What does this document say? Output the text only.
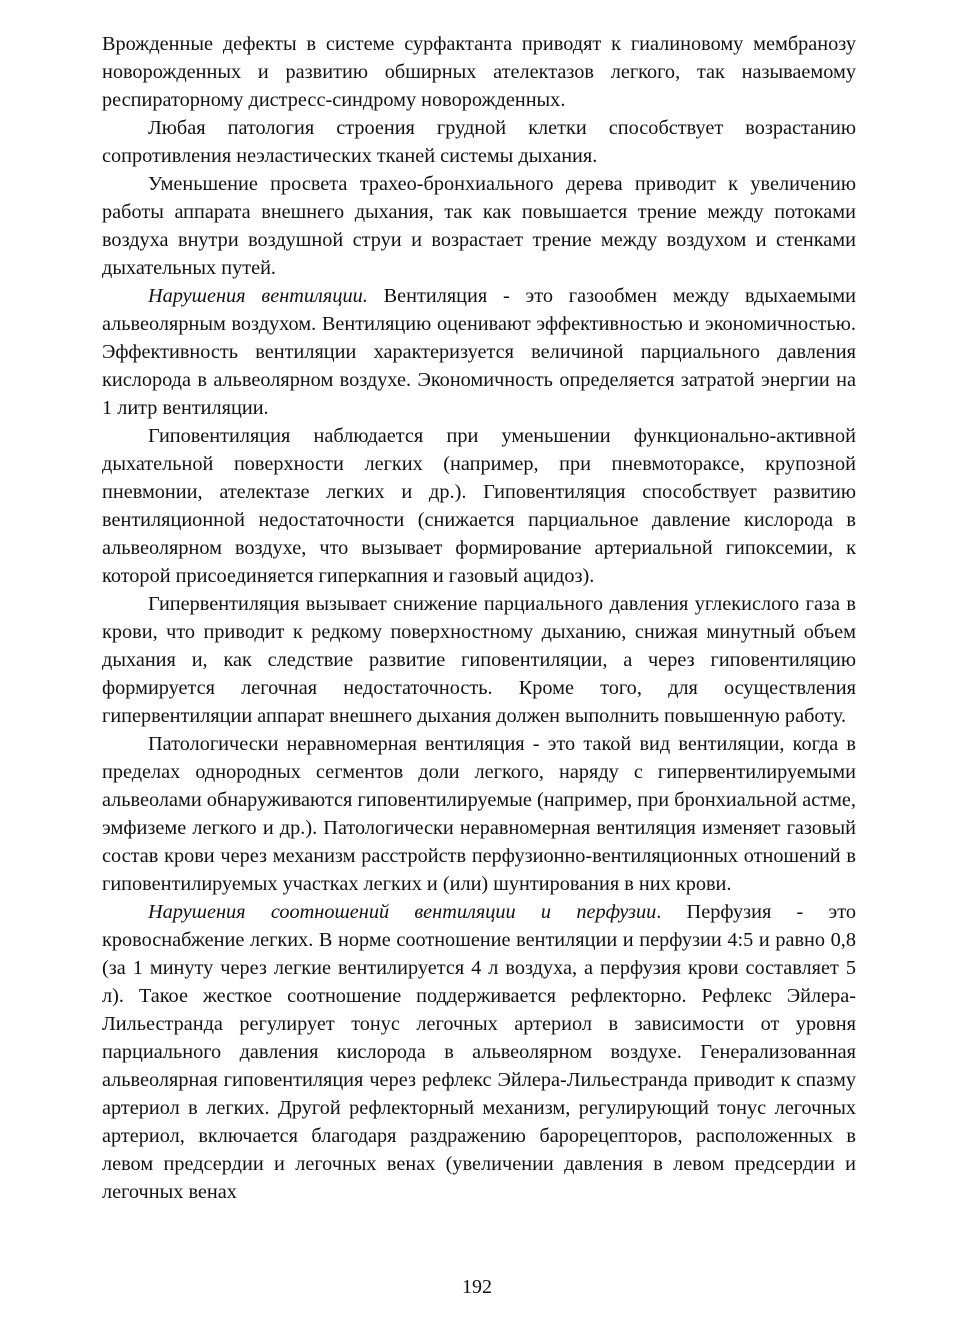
Врожденные дефекты в системе сурфактанта приводят к гиалиновому мембранозу новорожденных и развитию обширных ателектазов легкого, так называемому респираторному дистресс-синдрому новорожденных.

Любая патология строения грудной клетки способствует возрастанию сопротивления неэластических тканей системы дыхания.

Уменьшение просвета трахео-бронхиального дерева приводит к увеличению работы аппарата внешнего дыхания, так как повышается трение между потоками воздуха внутри воздушной струи и возрастает трение между воздухом и стенками дыхательных путей.

Нарушения вентиляции. Вентиляция - это газообмен между вдыхаемыми альвеолярным воздухом. Вентиляцию оценивают эффективностью и экономичностью. Эффективность вентиляции характеризуется величиной парциального давления кислорода в альвеолярном воздухе. Экономичность определяется затратой энергии на 1 литр вентиляции.

Гиповентиляция наблюдается при уменьшении функционально-активной дыхательной поверхности легких (например, при пневмотораксе, крупозной пневмонии, ателектазе легких и др.). Гиповентиляция способствует развитию вентиляционной недостаточности (снижается парциальное давление кислорода в альвеолярном воздухе, что вызывает формирование артериальной гипоксемии, к которой присоединяется гиперкапния и газовый ацидоз).

Гипервентиляция вызывает снижение парциального давления углекислого газа в крови, что приводит к редкому поверхностному дыханию, снижая минутный объем дыхания и, как следствие развитие гиповентиляции, а через гиповентиляцию формируется легочная недостаточность. Кроме того, для осуществления гипервентиляции аппарат внешнего дыхания должен выполнить повышенную работу.

Патологически неравномерная вентиляция - это такой вид вентиляции, когда в пределах однородных сегментов доли легкого, наряду с гипервентилируемыми альвеолами обнаруживаются гиповентилируемые (например, при бронхиальной астме, эмфиземе легкого и др.). Патологически неравномерная вентиляция изменяет газовый состав крови через механизм расстройств перфузионно-вентиляционных отношений в гиповентилируемых участках легких и (или) шунтирования в них крови.

Нарушения соотношений вентиляции и перфузии. Перфузия - это кровоснабжение легких. В норме соотношение вентиляции и перфузии 4:5 и равно 0,8 (за 1 минуту через легкие вентилируется 4 л воздуха, а перфузия крови составляет 5 л). Такое жесткое соотношение поддерживается рефлекторно. Рефлекс Эйлера-Лильестранда регулирует тонус легочных артериол в зависимости от уровня парциального давления кислорода в альвеолярном воздухе. Генерализованная альвеолярная гиповентиляция через рефлекс Эйлера-Лильестранда приводит к спазму артериол в легких. Другой рефлекторный механизм, регулирующий тонус легочных артериол, включается благодаря раздражению барорецепторов, расположенных в левом предсердии и легочных венах (увеличении давления в левом предсердии и легочных венах

192
